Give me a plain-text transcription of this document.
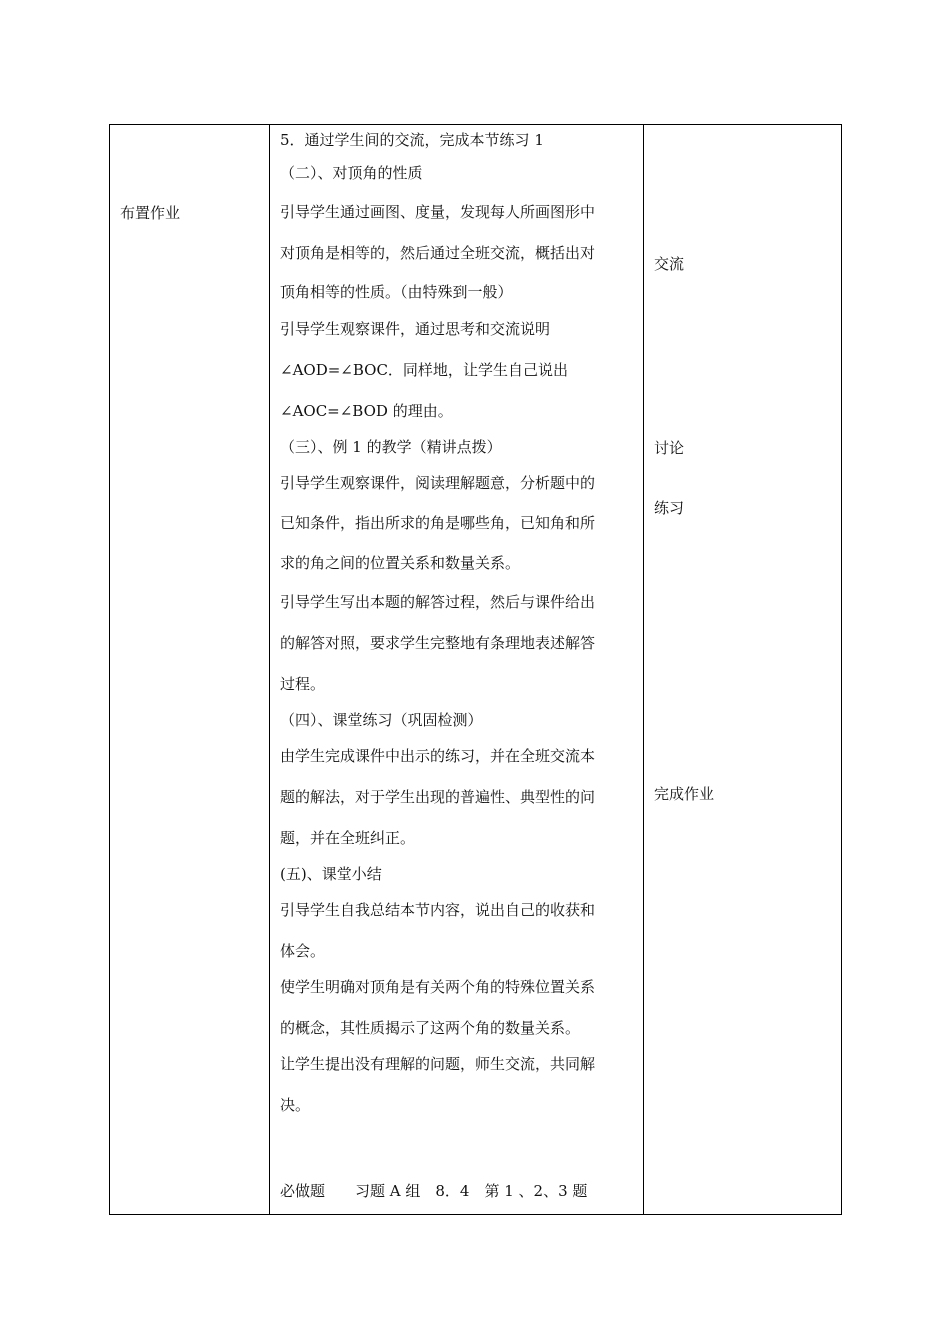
布置作业
5．通过学生间的交流，完成本节练习 1
（二）、对顶角的性质
引导学生通过画图、度量，发现每人所画图形中
对顶角是相等的，然后通过全班交流，概括出对
顶角相等的性质。（由特殊到一般）
引导学生观察课件，通过思考和交流说明
∠AOD=∠BOC．同样地，让学生自己说出
∠AOC=∠BOD 的理由。
（三）、例 1 的教学（精讲点拨）
引导学生观察课件，阅读理解题意，分析题中的
已知条件，指出所求的角是哪些角，已知角和所
求的角之间的位置关系和数量关系。
引导学生写出本题的解答过程，然后与课件给出
的解答对照，要求学生完整地有条理地表述解答
过程。
（四）、课堂练习（巩固检测）
由学生完成课件中出示的练习，并在全班交流本
题的解法，对于学生出现的普遍性、典型性的问
题，并在全班纠正。
(五)、课堂小结
引导学生自我总结本节内容，说出自己的收获和
体会。
使学生明确对顶角是有关两个角的特殊位置关系
的概念，其性质揭示了这两个角的数量关系。
让学生提出没有理解的问题，师生交流，共同解
决。
必做题　　习题 A 组　8．4　第 1 、2、3 题
交流
讨论
练习
完成作业
